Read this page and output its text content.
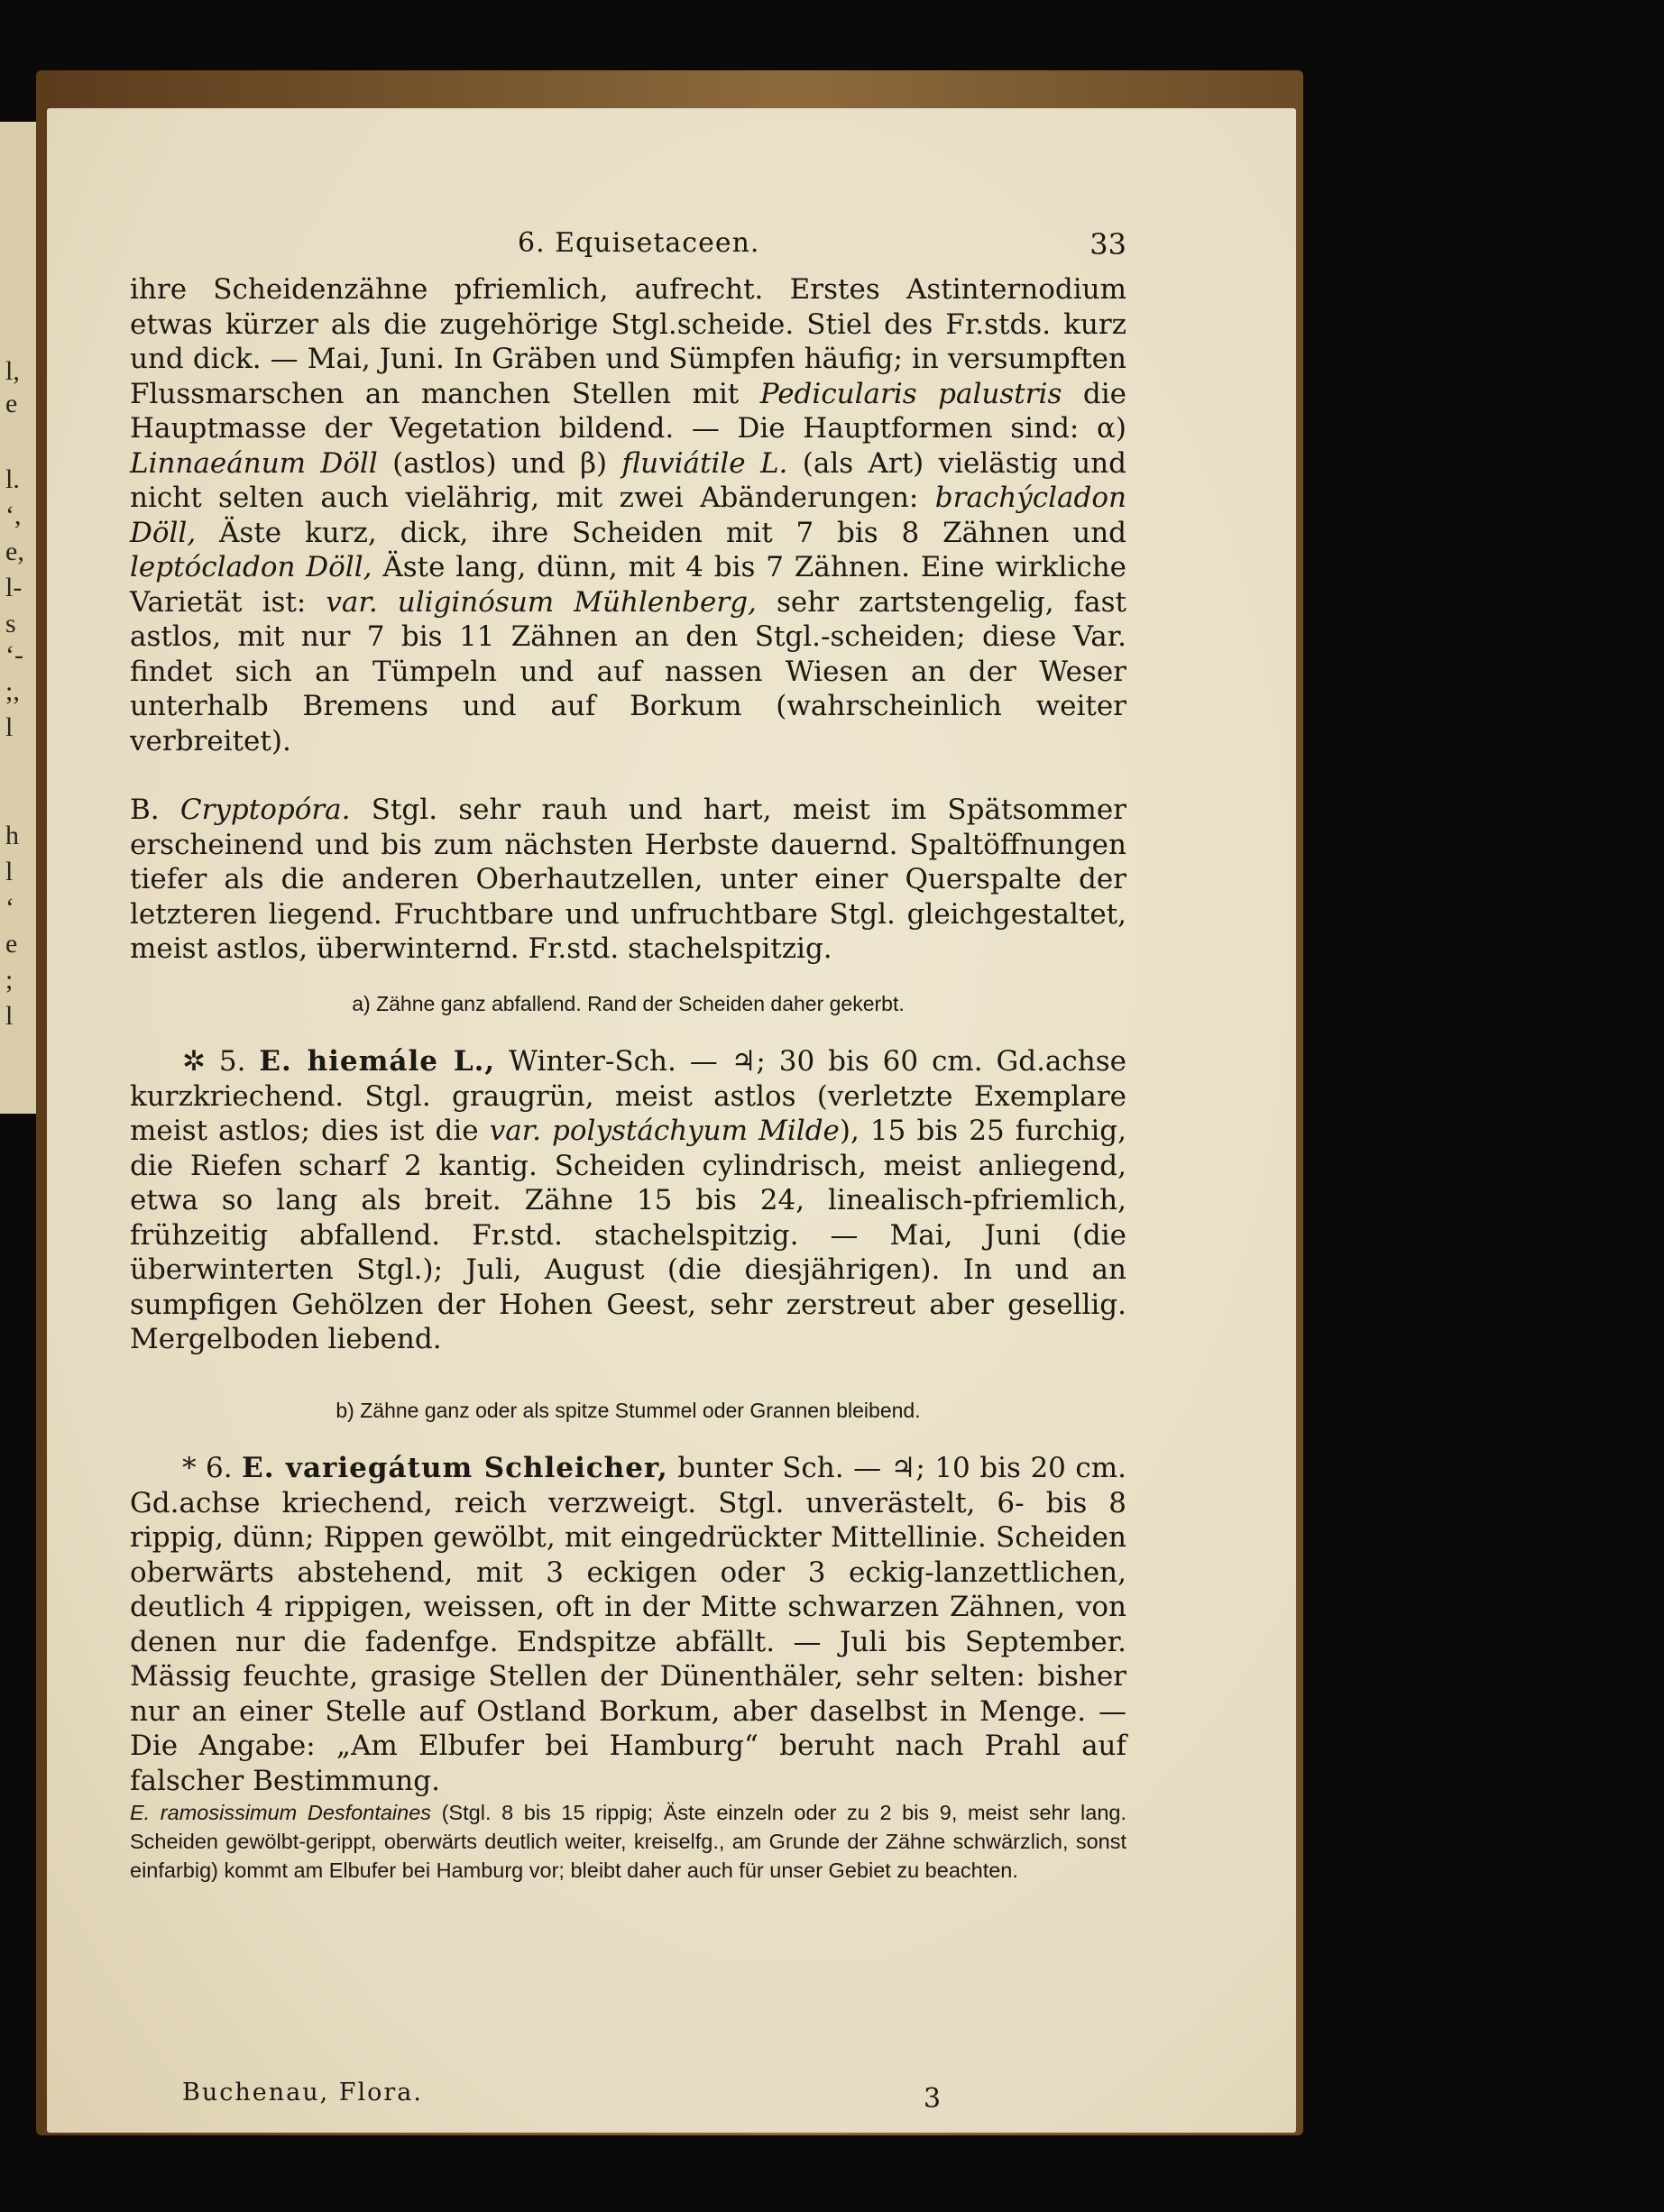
l,
e
l.
‘,
e,
l-
s
‘-
;,
l
h
l
‘
e
;
l
6. Equisetaceen.	33

ihre Scheidenzähne pfriemlich, aufrecht. Erstes Astinternodium etwas kürzer als die zugehörige Stgl.scheide. Stiel des Fr.stds. kurz und dick. — Mai, Juni. In Gräben und Sümpfen häufig; in versumpften Flussmarschen an manchen Stellen mit Pedicularis palustris die Hauptmasse der Vegetation bildend. — Die Hauptformen sind: α) Linnaeánum Döll (astlos) und β) fluviátile L. (als Art) vielästig und nicht selten auch vielährig, mit zwei Abänderungen: brachýcladon Döll, Äste kurz, dick, ihre Scheiden mit 7 bis 8 Zähnen und leptócladon Döll, Äste lang, dünn, mit 4 bis 7 Zähnen. Eine wirkliche Varietät ist: var. uliginósum Mühlenberg, sehr zartstengelig, fast astlos, mit nur 7 bis 11 Zähnen an den Stgl.-scheiden; diese Var. findet sich an Tümpeln und auf nassen Wiesen an der Weser unterhalb Bremens und auf Borkum (wahrscheinlich weiter verbreitet).

B. Cryptopóra. Stgl. sehr rauh und hart, meist im Spätsommer erscheinend und bis zum nächsten Herbste dauernd. Spaltöffnungen tiefer als die anderen Oberhautzellen, unter einer Querspalte der letzteren liegend. Fruchtbare und unfruchtbare Stgl. gleichgestaltet, meist astlos, überwinternd. Fr.std. stachelspitzig.

a) Zähne ganz abfallend. Rand der Scheiden daher gekerbt.

✲ 5. E. hiemále L., Winter-Sch. — ♃; 30 bis 60 cm. Gd.achse kurzkriechend. Stgl. graugrün, meist astlos (verletzte Exemplare meist astlos; dies ist die var. polystáchyum Milde), 15 bis 25 furchig, die Riefen scharf 2 kantig. Scheiden cylindrisch, meist anliegend, etwa so lang als breit. Zähne 15 bis 24, linealisch-pfriemlich, frühzeitig abfallend. Fr.std. stachelspitzig. — Mai, Juni (die überwinterten Stgl.); Juli, August (die diesjährigen). In und an sumpfigen Gehölzen der Hohen Geest, sehr zerstreut aber gesellig. Mergelboden liebend.

b) Zähne ganz oder als spitze Stummel oder Grannen bleibend.

* 6. E. variegátum Schleicher, bunter Sch. — ♃; 10 bis 20 cm. Gd.achse kriechend, reich verzweigt. Stgl. unverästelt, 6- bis 8 rippig, dünn; Rippen gewölbt, mit eingedrückter Mittellinie. Scheiden oberwärts abstehend, mit 3 eckigen oder 3 eckig-lanzettlichen, deutlich 4 rippigen, weissen, oft in der Mitte schwarzen Zähnen, von denen nur die fadenfge. Endspitze abfällt. — Juli bis September. Mässig feuchte, grasige Stellen der Dünenthäler, sehr selten: bisher nur an einer Stelle auf Ostland Borkum, aber daselbst in Menge. — Die Angabe: „Am Elbufer bei Hamburg“ beruht nach Prahl auf falscher Bestimmung.

E. ramosissimum Desfontaines (Stgl. 8 bis 15 rippig; Äste einzeln oder zu 2 bis 9, meist sehr lang. Scheiden gewölbt-gerippt, oberwärts deutlich weiter, kreiselfg., am Grunde der Zähne schwärzlich, sonst einfarbig) kommt am Elbufer bei Hamburg vor; bleibt daher auch für unser Gebiet zu beachten.

Buchenau, Flora.	3
